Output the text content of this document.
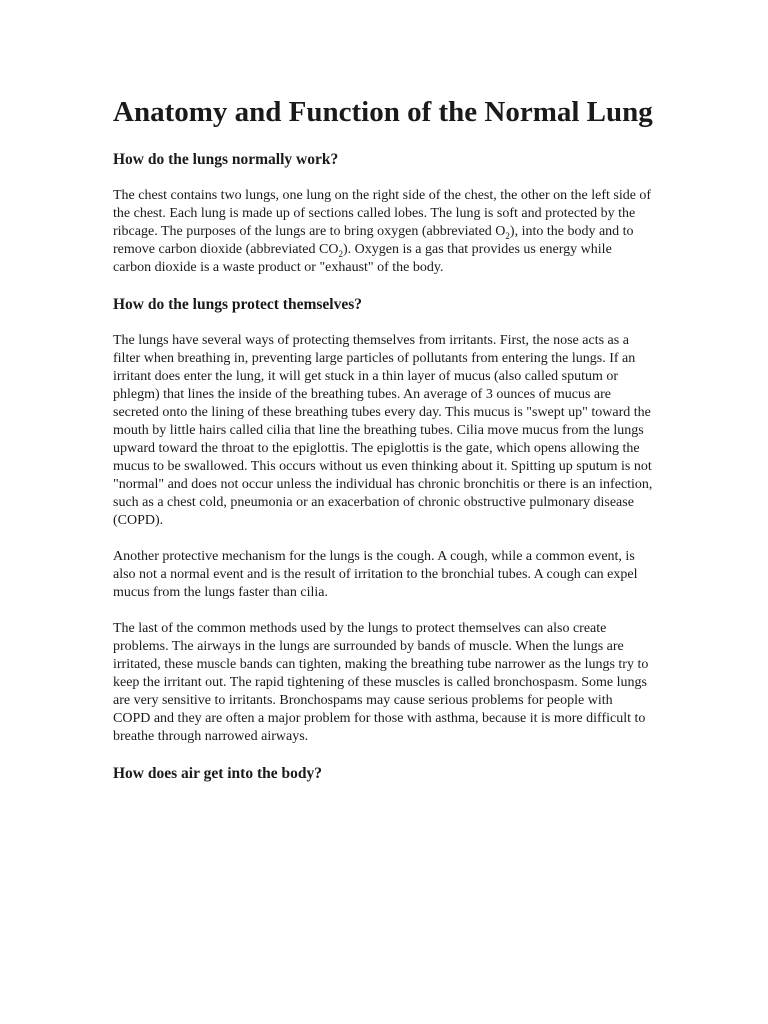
Anatomy and Function of the Normal Lung
How do the lungs normally work?

The chest contains two lungs, one lung on the right side of the chest, the other on the left side of the chest. Each lung is made up of sections called lobes. The lung is soft and protected by the ribcage. The purposes of the lungs are to bring oxygen (abbreviated $O_2$), into the body and to remove carbon dioxide (abbreviated $CO_2$). Oxygen is a gas that provides us energy while carbon dioxide is a waste product or "exhaust" of the body.

How do the lungs protect themselves?

The lungs have several ways of protecting themselves from irritants. First, the nose acts as a filter when breathing in, preventing large particles of pollutants from entering the lungs. If an irritant does enter the lung, it will get stuck in a thin layer of mucus (also called sputum or phlegm) that lines the inside of the breathing tubes. An average of 3 ounces of mucus are secreted onto the lining of these breathing tubes every day. This mucus is "swept up" toward the mouth by little hairs called cilia that line the breathing tubes. Cilia move mucus from the lungs upward toward the throat to the epiglottis. The epiglottis is the gate, which opens allowing the mucus to be swallowed. This occurs without us even thinking about it. Spitting up sputum is not "normal" and does not occur unless the individual has chronic bronchitis or there is an infection, such as a chest cold, pneumonia or an exacerbation of chronic obstructive pulmonary disease (COPD).

Another protective mechanism for the lungs is the cough. A cough, while a common event, is also not a normal event and is the result of irritation to the bronchial tubes. A cough can expel mucus from the lungs faster than cilia.

The last of the common methods used by the lungs to protect themselves can also create problems. The airways in the lungs are surrounded by bands of muscle. When the lungs are irritated, these muscle bands can tighten, making the breathing tube narrower as the lungs try to keep the irritant out. The rapid tightening of these muscles is called bronchospasm. Some lungs are very sensitive to irritants. Bronchospams may cause serious problems for people with COPD and they are often a major problem for those with asthma, because it is more difficult to breathe through narrowed airways.

How does air get into the body?
